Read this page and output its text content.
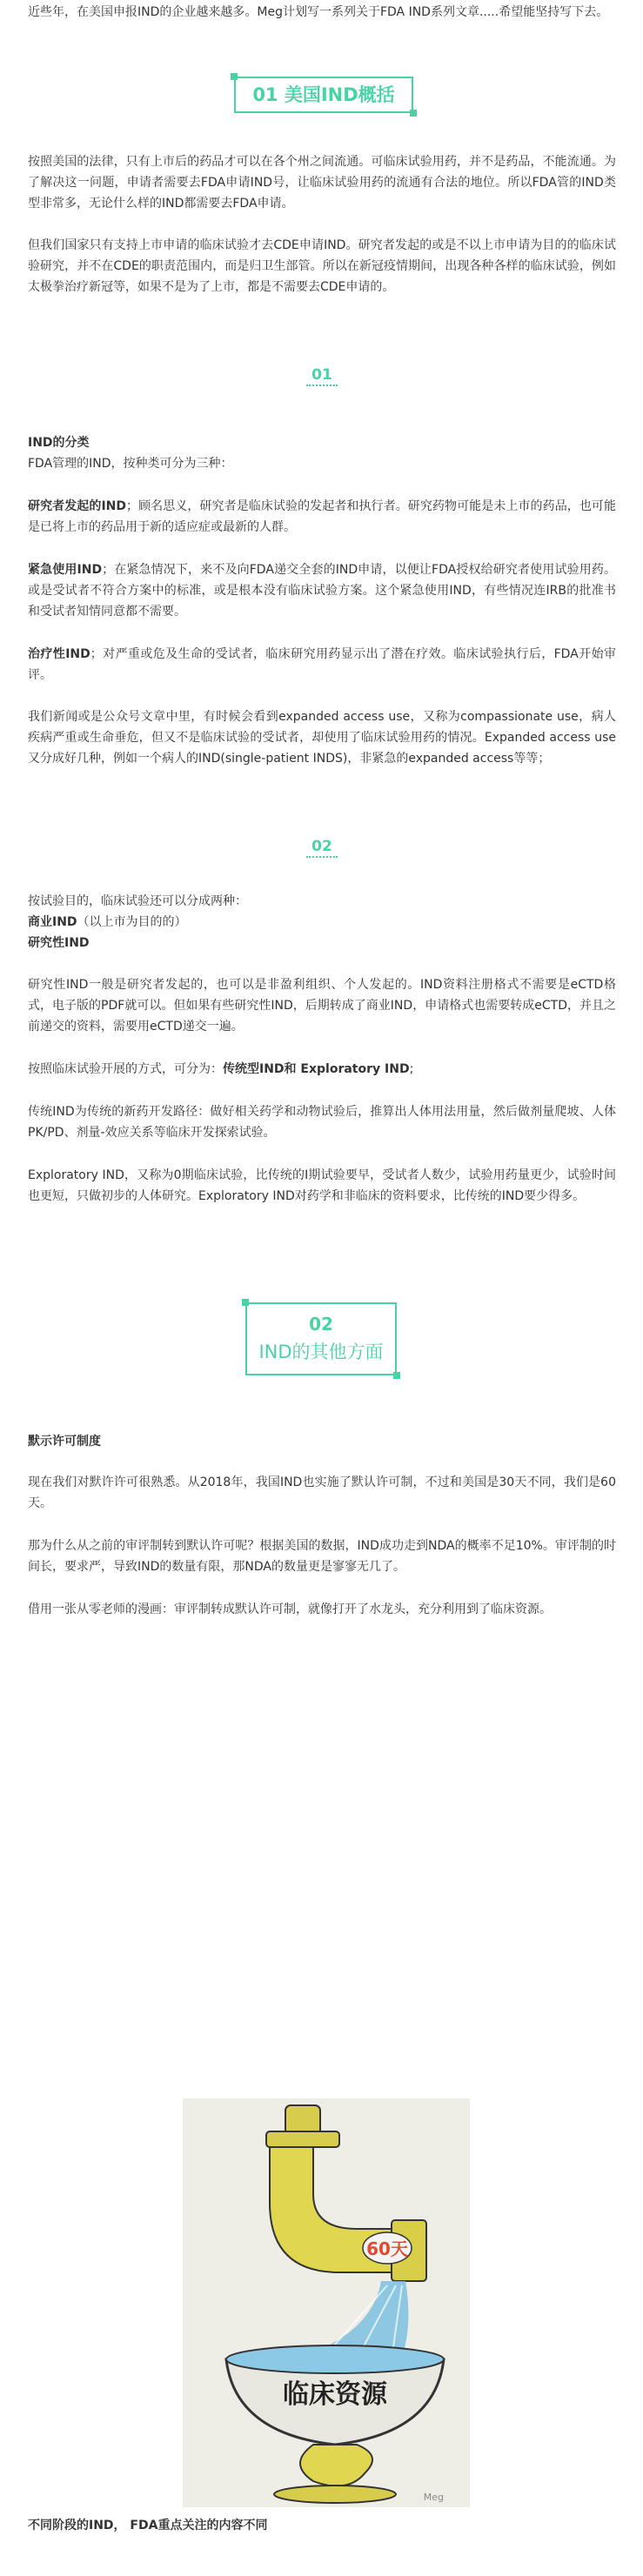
近些年，在美国申报IND的企业越来越多。Meg计划写一系列关于FDA IND系列文章.....希望能坚持写下去。

01 美国IND概括

按照美国的法律，只有上市后的药品才可以在各个州之间流通。可临床试验用药，并不是药品，不能流通。为了解决这一问题，申请者需要去FDA申请IND号，让临床试验用药的流通有合法的地位。所以FDA管的IND类型非常多，无论什么样的IND都需要去FDA申请。

但我们国家只有支持上市申请的临床试验才去CDE申请IND。研究者发起的或是不以上市申请为目的的临床试验研究，并不在CDE的职责范围内，而是归卫生部管。所以在新冠疫情期间，出现各种各样的临床试验，例如太极拳治疗新冠等，如果不是为了上市，都是不需要去CDE申请的。

01

IND的分类

FDA管理的IND，按种类可分为三种：

研究者发起的IND；顾名思义，研究者是临床试验的发起者和执行者。研究药物可能是未上市的药品，也可能是已将上市的药品用于新的适应症或最新的人群。

紧急使用IND；在紧急情况下，来不及向FDA递交全套的IND申请，以便让FDA授权给研究者使用试验用药。或是受试者不符合方案中的标准，或是根本没有临床试验方案。这个紧急使用IND，有些情况连IRB的批准书和受试者知情同意都不需要。

治疗性IND；对严重或危及生命的受试者，临床研究用药显示出了潜在疗效。临床试验执行后，FDA开始审评。

我们新闻或是公众号文章中里，有时候会看到expanded access use，又称为compassionate use，病人疾病严重或生命垂危，但又不是临床试验的受试者，却使用了临床试验用药的情况。Expanded access use又分成好几种，例如一个病人的IND(single-patient INDS)，非紧急的expanded access等等；

02

按试验目的，临床试验还可以分成两种：

商业IND（以上市为目的的）

研究性IND

研究性IND一般是研究者发起的，也可以是非盈利组织、个人发起的。IND资料注册格式不需要是eCTD格式，电子版的PDF就可以。但如果有些研究性IND，后期转成了商业IND，申请格式也需要转成eCTD，并且之前递交的资料，需要用eCTD递交一遍。

按照临床试验开展的方式，可分为：传统型IND和 Exploratory IND;

传统IND为传统的新药开发路径：做好相关药学和动物试验后，推算出人体用法用量，然后做剂量爬坡、人体PK/PD、剂量-效应关系等临床开发探索试验。

Exploratory IND，又称为0期临床试验，比传统的I期试验要早，受试者人数少，试验用药量更少，试验时间也更短，只做初步的人体研究。Exploratory IND对药学和非临床的资料要求，比传统的IND要少得多。

02
IND的其他方面

默示许可制度

现在我们对默许许可很熟悉。从2018年，我国IND也实施了默认许可制，不过和美国是30天不同，我们是60天。

那为什么从之前的审评制转到默认许可呢？根据美国的数据，IND成功走到NDA的概率不足10%。审评制的时间长，要求严，导致IND的数量有限，那NDA的数量更是寥寥无几了。

借用一张从零老师的漫画：审评制转成默认许可制，就像打开了水龙头，充分利用到了临床资源。

60天
临床资源
Meg

不同阶段的IND， FDA重点关注的内容不同
